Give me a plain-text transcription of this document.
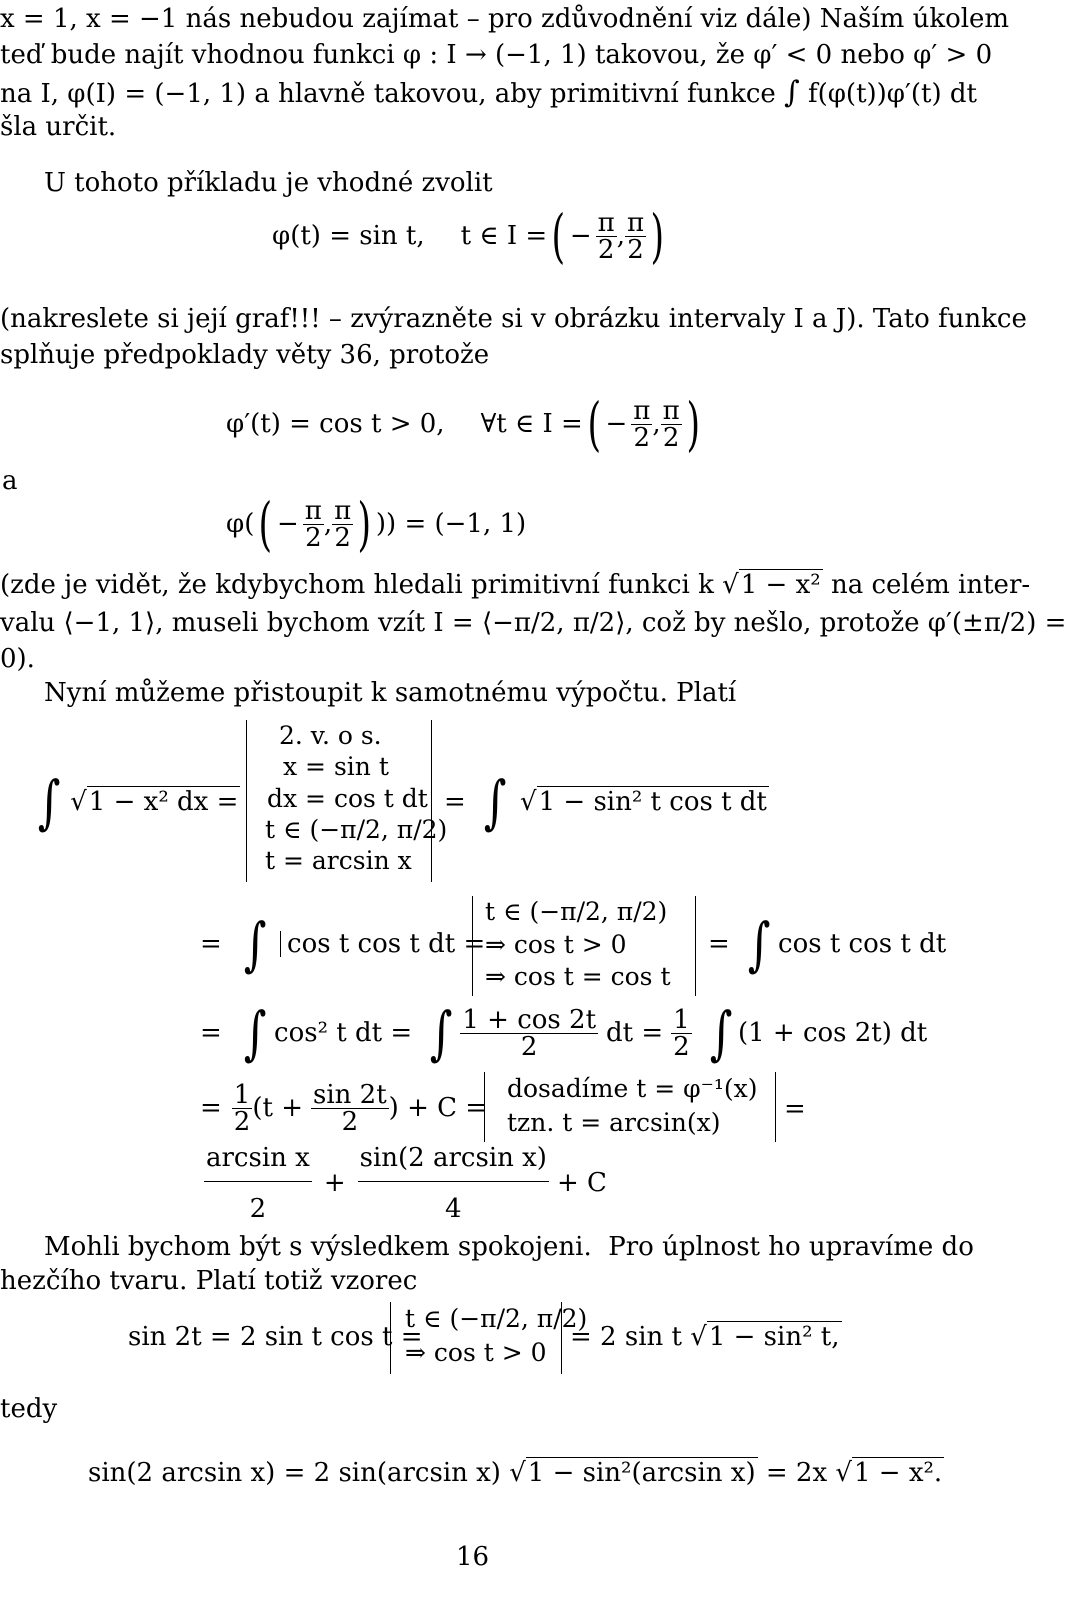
x = 1, x = −1 nás nebudou zajímat – pro zdůvodnění viz dále) Naším úkolem
teď bude najít vhodnou funkci φ : I → (−1, 1) takovou, že φ′ < 0 nebo φ′ > 0
na I, φ(I) = (−1, 1) a hlavně takovou, aby primitivní funkce ∫ f(φ(t))φ′(t) dt
šla určit.
U tohoto příkladu je vhodné zvolit
φ(t) = sin t, t ∈ I = ( − $\frac{\pi}{2}$ , $\frac{\pi}{2}$ )
(nakreslete si její graf!!! – zvýrazněte si v obrázku intervaly I a J). Tato funkce
splňuje předpoklady věty 36, protože
φ′(t) = cos t > 0, ∀t ∈ I = ( − $\frac{\pi}{2}$ , $\frac{\pi}{2}$ )
a
φ( ( − $\frac{\pi}{2}$ , $\frac{\pi}{2}$ ) )) = (−1, 1)
(zde je vidět, že kdybychom hledali primitivní funkci k √1 − x² na celém inter-
valu ⟨−1, 1⟩, museli bychom vzít I = ⟨−π/2, π/2⟩, což by nešlo, protože φ′(±π/2) =
0).
Nyní můžeme přistoupit k samotnému výpočtu. Platí
∫ √1 − x² dx =
2. v. o s.
x = sin t
dx = cos t dt
t ∈ (−π/2, π/2)
t = arcsin x
= ∫ √1 − sin² t cos t dt
= ∫ cos t cos t dt =
t ∈ (−π/2, π/2)
⇒ cos t > 0
⇒ cos t = cos t
= ∫ cos t cos t dt
= ∫ cos² t dt = ∫ $\frac{1 + \cos 2t}{2}$ dt = $\frac{1}{2}$ ∫ (1 + cos 2t) dt
= $\frac{1}{2} (t + \frac{\sin 2t}{2}$ ) + C =
dosadíme t = φ⁻¹(x)
tzn. t = arcsin(x)	=
$\frac{\text{arcsin x}}{2} + \frac{\text{sin(2 arcsin x)}}{4} + C$
Mohli bychom být s výsledkem spokojeni.  Pro úplnost ho upravíme do
hezčího tvaru. Platí totiž vzorec
sin 2t = 2 sin t cos t =
t ∈ (−π/2, π/2)
⇒ cos t > 0
= 2 sin t √1 − sin² t,
tedy
sin(2 arcsin x) = 2 sin(arcsin x) √1 − sin²(arcsin x) = 2x √1 − x².
16
